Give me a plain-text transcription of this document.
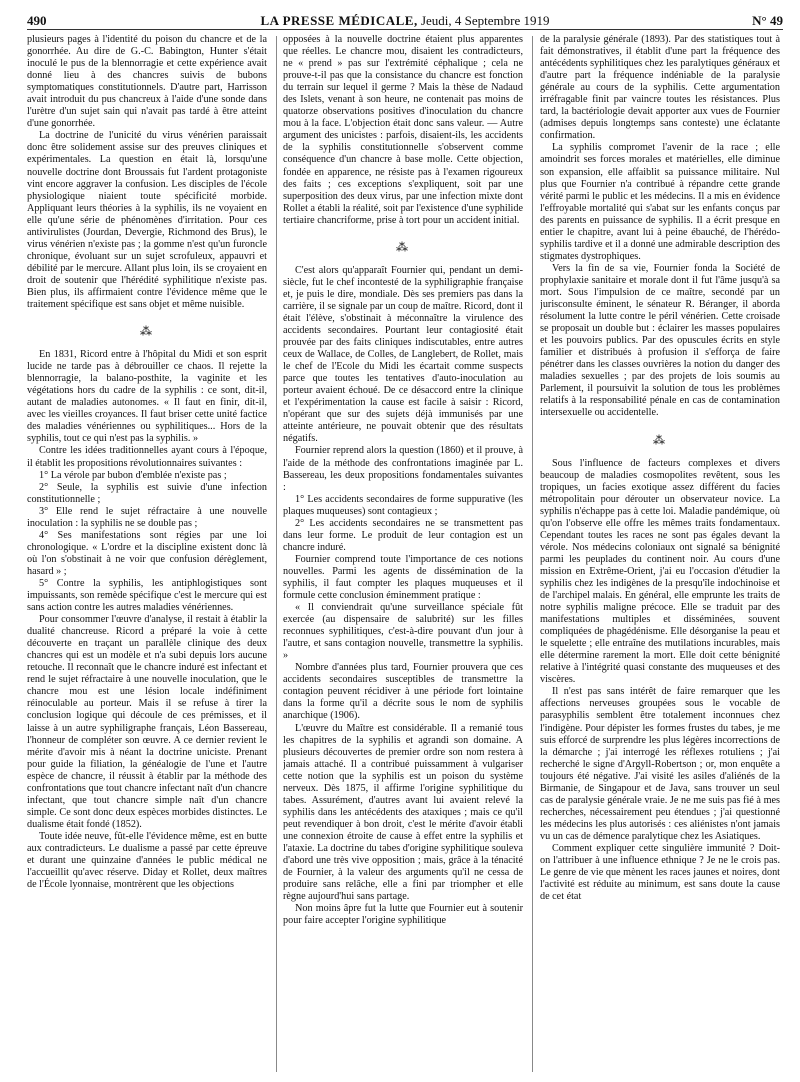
490	LA PRESSE MÉDICALE, Jeudi, 4 Septembre 1919	N° 49

plusieurs pages à l'identité du poison du chancre et de la gonorrhée. Au dire de G.-C. Babington, Hunter s'était inoculé le pus de la blennorragie et cette expérience avait donné lieu à des chancres suivis de bubons symptomatiques constitutionnels. D'autre part, Harrisson avait introduit du pus chancreux à l'aide d'une sonde dans l'urètre d'un sujet sain qui n'avait pas tardé à être atteint d'une gonorrhée.

La doctrine de l'unicité du virus vénérien paraissait donc être solidement assise sur des preuves cliniques et expérimentales. La question en était là, lorsqu'une nouvelle doctrine dont Broussais fut l'ardent protagoniste vint encore aggraver la confusion. Les disciples de l'école physiologique niaient toute spécificité morbide. Appliquant leurs théories à la syphilis, ils ne voyaient en elle qu'une série de phénomènes d'irritation. Pour ces antivirulistes (Jourdan, Devergie, Richmond des Brus), le virus vénérien n'existe pas ; la gomme n'est qu'un furoncle chronique, évoluant sur un sujet scrofuleux, appauvri et débilité par le mercure. Allant plus loin, ils se croyaient en droit de soutenir que l'hérédité syphilitique n'existe pas. Bien plus, ils affirmaient contre l'évidence même que le traitement spécifique est sans objet et même nuisible.

⁂

En 1831, Ricord entre à l'hôpital du Midi et son esprit lucide ne tarde pas à débrouiller ce chaos. Il rejette la blennorragie, la balano-posthite, la vaginite et les végétations hors du cadre de la syphilis : ce sont, dit-il, autant de maladies autonomes. « Il faut en finir, dit-il, avec les vieilles croyances. Il faut briser cette unité factice des maladies vénériennes ou syphilitiques... Hors de la syphilis, tout ce qui n'est pas la syphilis. »

Contre les idées traditionnelles ayant cours à l'époque, il établit les propositions révolutionnaires suivantes :

1° La vérole par bubon d'emblée n'existe pas ;

2° Seule, la syphilis est suivie d'une infection constitutionnelle ;

3° Elle rend le sujet réfractaire à une nouvelle inoculation : la syphilis ne se double pas ;

4° Ses manifestations sont régies par une loi chronologique. « L'ordre et la discipline existent donc là où l'on s'obstinait à ne voir que confusion dérèglement, hasard » ;

5° Contre la syphilis, les antiphlogistiques sont impuissants, son remède spécifique c'est le mercure qui est sans action contre les autres maladies vénériennes.

Pour consommer l'œuvre d'analyse, il restait à établir la dualité chancreuse. Ricord a préparé la voie à cette découverte en traçant un parallèle clinique des deux chancres qui est un modèle et n'a subi depuis lors aucune retouche. Il reconnaît que le chancre induré est infectant et rend le sujet réfractaire à une nouvelle inoculation, que le chancre mou est une lésion locale indéfiniment réinoculable au porteur. Mais il se refuse à tirer la conclusion logique qui découle de ces prémisses, et il laisse à un autre syphiligraphe français, Léon Bassereau, l'honneur de compléter son œuvre. A ce dernier revient le mérite d'avoir mis à néant la doctrine uniciste. Prenant pour guide la filiation, la généalogie de l'une et l'autre espèce de chancre, il réussit à établir par la méthode des confrontations que tout chancre infectant naît d'un chancre infectant, que tout chancre simple naît d'un chancre simple. Ce sont donc deux espèces morbides distinctes. Le dualisme était fondé (1852).

Toute idée neuve, fût-elle l'évidence même, est en butte aux contradicteurs. Le dualisme a passé par cette épreuve et durant une quinzaine d'années le public médical ne l'accueillit qu'avec réserve. Diday et Rollet, deux maîtres de l'École lyonnaise, montrèrent que les objections

opposées à la nouvelle doctrine étaient plus apparentes que réelles. Le chancre mou, disaient les contradicteurs, ne « prend » pas sur l'extrémité céphalique ; cela ne prouve-t-il pas que la consistance du chancre est fonction du terrain sur lequel il germe ? Mais la thèse de Nadaud des Islets, venant à son heure, ne contenait pas moins de quatorze observations positives d'inoculation du chancre mou à la face. L'objection était donc sans valeur. — Autre argument des unicistes : parfois, disaient-ils, les accidents de la syphilis constitutionnelle s'observent comme conséquence d'un chancre à base molle. Cette objection, fondée en apparence, ne résiste pas à l'examen rigoureux des faits ; ces exceptions s'expliquent, soit par une superposition des deux virus, par une infection mixte dont Rollet a établi la réalité, soit par l'existence d'une syphilide tertiaire chancriforme, prise à tort pour un accident initial.

⁂

C'est alors qu'apparaît Fournier qui, pendant un demi-siècle, fut le chef incontesté de la syphiligraphie française et, je puis le dire, mondiale. Dès ses premiers pas dans la carrière, il se signale par un coup de maître. Ricord, dont il était l'élève, s'obstinait à méconnaître la virulence des accidents secondaires. Pourtant leur contagiosité était prouvée par des faits cliniques indiscutables, entre autres ceux de Wallace, de Colles, de Langlebert, de Rollet, mais le chef de l'Ecole du Midi les écartait comme suspects parce que toutes les tentatives d'auto-inoculation au porteur avaient échoué. De ce désaccord entre la clinique et l'expérimentation la cause est facile à saisir : Ricord, n'opérant que sur des sujets déjà immunisés par une atteinte antérieure, ne pouvait obtenir que des résultats négatifs.

Fournier reprend alors la question (1860) et il prouve, à l'aide de la méthode des confrontations imaginée par L. Bassereau, les deux propositions fondamentales suivantes :

1° Les accidents secondaires de forme suppurative (les plaques muqueuses) sont contagieux ;

2° Les accidents secondaires ne se transmettent pas dans leur forme. Le produit de leur contagion est un chancre induré.

Fournier comprend toute l'importance de ces notions nouvelles. Parmi les agents de dissémination de la syphilis, il faut compter les plaques muqueuses et il formule cette conclusion éminemment pratique :

« Il conviendrait qu'une surveillance spéciale fût exercée (au dispensaire de salubrité) sur les filles reconnues syphilitiques, c'est-à-dire pouvant d'un jour à l'autre, et sans contagion nouvelle, transmettre la syphilis. »

Nombre d'années plus tard, Fournier prouvera que ces accidents secondaires susceptibles de transmettre la contagion peuvent récidiver à une période fort lointaine dans la forme qu'il a décrite sous le nom de syphilis anarchique (1906).

L'œuvre du Maître est considérable. Il a remanié tous les chapitres de la syphilis et agrandi son domaine. A plusieurs découvertes de premier ordre son nom restera à jamais attaché. Il a contribué puissamment à vulgariser cette notion que la syphilis est un poison du système nerveux. Dès 1875, il affirme l'origine syphilitique du tabes. Assurément, d'autres avant lui avaient relevé la syphilis dans les antécédents des ataxiques ; mais ce qu'il peut revendiquer à bon droit, c'est le mérite d'avoir établi une connexion étroite de cause à effet entre la syphilis et l'ataxie. La doctrine du tabes d'origine syphilitique souleva d'abord une très vive opposition ; mais, grâce à la ténacité de Fournier, à la valeur des arguments qu'il ne cessa de produire sans relâche, elle a fini par triompher et elle règne aujourd'hui sans partage.

Non moins âpre fut la lutte que Fournier eut à soutenir pour faire accepter l'origine syphilitique

de la paralysie générale (1893). Par des statistiques tout à fait démonstratives, il établit d'une part la fréquence des antécédents syphilitiques chez les paralytiques généraux et d'autre part la fréquence indéniable de la paralysie générale au cours de la syphilis. Cette argumentation irréfragable finit par vaincre toutes les résistances. Plus tard, la bactériologie devait apporter aux vues de Fournier (admises depuis longtemps sans conteste) une éclatante confirmation.

La syphilis compromet l'avenir de la race ; elle amoindrit ses forces morales et matérielles, elle diminue son expansion, elle affaiblit sa puissance militaire. Nul plus que Fournier n'a contribué à répandre cette grande vérité parmi le public et les médecins. Il a mis en évidence l'effroyable mortalité qui s'abat sur les enfants conçus par des parents en puissance de syphilis. Il a écrit presque en entier le chapitre, avant lui à peine ébauché, de l'hérédo-syphilis tardive et il a donné une admirable description des stigmates dystrophiques.

Vers la fin de sa vie, Fournier fonda la Société de prophylaxie sanitaire et morale dont il fut l'âme jusqu'à sa mort. Sous l'impulsion de ce maître, secondé par un jurisconsulte éminent, le sénateur R. Béranger, il aborda résolument la lutte contre le péril vénérien. Cette croisade se proposait un double but : éclairer les masses populaires et les pouvoirs publics. Par des opuscules écrits en style familier et distribués à profusion il s'efforça de faire pénétrer dans les classes ouvrières la notion du danger des maladies sexuelles ; par des projets de lois soumis au Parlement, il poursuivit la solution de tous les problèmes relatifs à la responsabilité pénale en cas de contamination intersexuelle ou accidentelle.

⁂

Sous l'influence de facteurs complexes et divers beaucoup de maladies cosmopolites revêtent, sous les tropiques, un facies exotique assez différent du facies métropolitain pour dérouter un observateur novice. La syphilis n'échappe pas à cette loi. Maladie pandémique, où qu'on l'observe elle offre les mêmes traits fondamentaux. Cependant toutes les races ne sont pas égales devant la vérole. Nos médecins coloniaux ont signalé sa bénignité parmi les peuplades du continent noir. Au cours d'une mission en Extrême-Orient, j'ai eu l'occasion d'étudier la syphilis chez les indigènes de la presqu'île indochinoise et de l'archipel malais. En général, elle emprunte les traits de notre syphilis maligne précoce. Elle se traduit par des manifestations multiples et disséminées, souvent compliquées de phagédénisme. Elle désorganise la peau et le squelette ; elle entraîne des mutilations incurables, mais elle détermine rarement la mort. Elle doit cette bénignité relative à l'intégrité quasi constante des muqueuses et des viscères.

Il n'est pas sans intérêt de faire remarquer que les affections nerveuses groupées sous le vocable de parasyphilis semblent être totalement inconnues chez l'indigène. Pour dépister les formes frustes du tabes, je me suis efforcé de surprendre les plus légères incorrections de la démarche ; j'ai interrogé les réflexes rotuliens ; j'ai recherché le signe d'Argyll-Robertson ; or, mon enquête a toujours été négative. J'ai visité les asiles d'aliénés de la Birmanie, de Singapour et de Java, sans trouver un seul cas de paralysie générale vraie. Je ne me suis pas fié à mes recherches, nécessairement peu étendues ; j'ai questionné les médecins les plus autorisés : ces aliénistes n'ont jamais vu un cas de démence paralytique chez les Asiatiques.

Comment expliquer cette singulière immunité ? Doit-on l'attribuer à une influence ethnique ? Je ne le crois pas. Le genre de vie que mènent les races jaunes et noires, dont l'activité est réduite au minimum, est sans doute la cause de cet état
